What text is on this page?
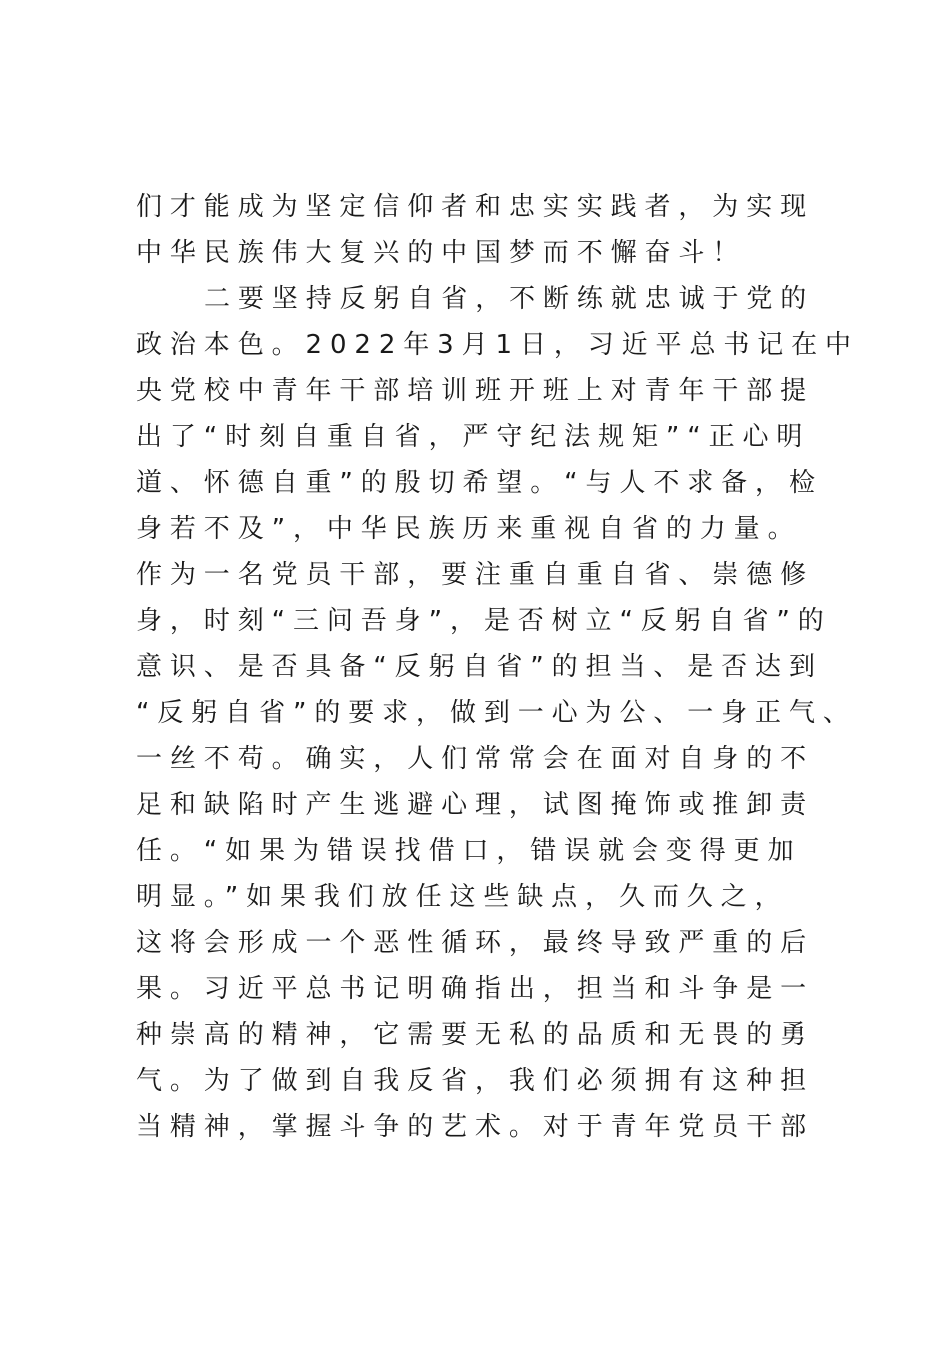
们才能成为坚定信仰者和忠实实践者，为实现
中华民族伟大复兴的中国梦而不懈奋斗！
二要坚持反躬自省，不断练就忠诚于党的
政治本色。2022年3月1日，习近平总书记在中
央党校中青年干部培训班开班上对青年干部提
出了“时刻自重自省，严守纪法规矩”“正心明
道、怀德自重”的殷切希望。“与人不求备，检
身若不及”，中华民族历来重视自省的力量。
作为一名党员干部，要注重自重自省、崇德修
身，时刻“三问吾身”，是否树立“反躬自省”的
意识、是否具备“反躬自省”的担当、是否达到
“反躬自省”的要求，做到一心为公、一身正气、
一丝不苟。确实，人们常常会在面对自身的不
足和缺陷时产生逃避心理，试图掩饰或推卸责
任。“如果为错误找借口，错误就会变得更加
明显。”如果我们放任这些缺点，久而久之，
这将会形成一个恶性循环，最终导致严重的后
果。习近平总书记明确指出，担当和斗争是一
种崇高的精神，它需要无私的品质和无畏的勇
气。为了做到自我反省，我们必须拥有这种担
当精神，掌握斗争的艺术。对于青年党员干部
